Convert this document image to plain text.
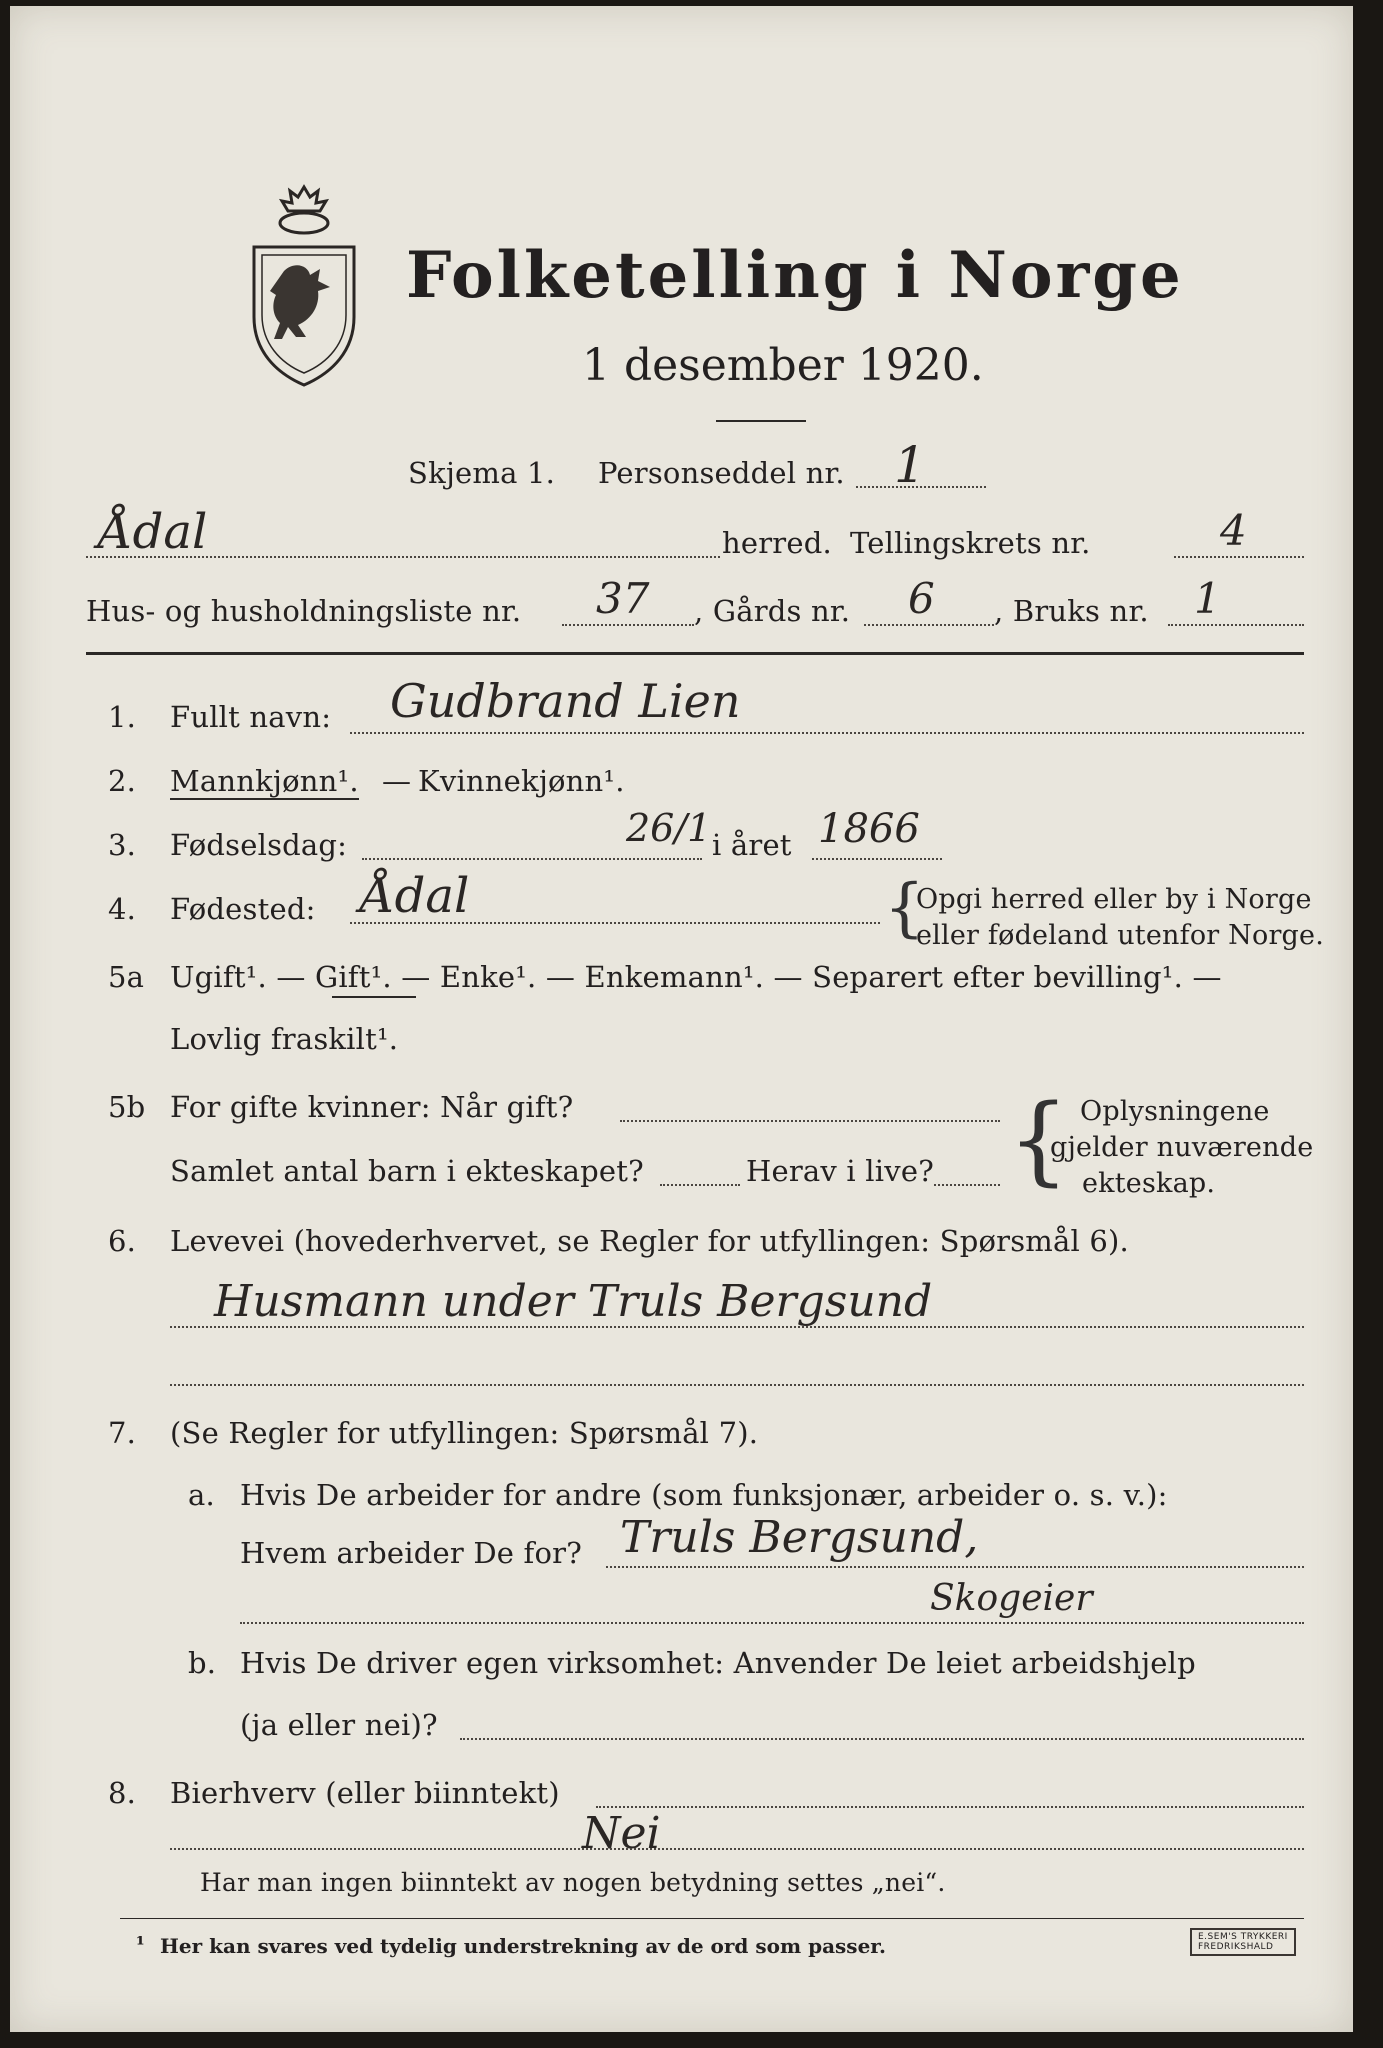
Folketelling i Norge
1 desember 1920.
Skjema 1. Personseddel nr. 1
Ådal	herred. Tellingskrets nr.	4
Hus- og husholdningsliste nr. 37 , Gårds nr. 6 , Bruks nr. 1
1. Fullt navn: Gudbrand Lien
2. Mannkjønn¹. — Kvinnekjønn¹.
3. Fødselsdag:	26/1 i året 1866
4. Fødested: Ådal	{
Opgi herred eller by i Norge
eller fødeland utenfor Norge.
5a Ugift¹. — Gift¹. — Enke¹. — Enkemann¹. — Separert efter bevilling¹. —
Lovlig fraskilt¹.
5b For gifte kvinner: Når gift?
Samlet antal barn i ekteskapet?	Herav i live? { Oplysningene
gjelder nuværende
ekteskap.
6. Levevei (hovederhvervet, se Regler for utfyllingen: Spørsmål 6).
Husmann under Truls Bergsund
7. (Se Regler for utfyllingen: Spørsmål 7).
a. Hvis De arbeider for andre (som funksjonær, arbeider o. s. v.):
Hvem arbeider De for? Truls Bergsund,
Skogeier
b. Hvis De driver egen virksomhet: Anvender De leiet arbeidshjelp
(ja eller nei)?
8. Bierhverv (eller biinntekt)
Nei
Har man ingen biinntekt av nogen betydning settes „nei“.
¹ Her kan svares ved tydelig understrekning av de ord som passer.	E.SEM'S TRYKKERI
FREDRIKSHALD
